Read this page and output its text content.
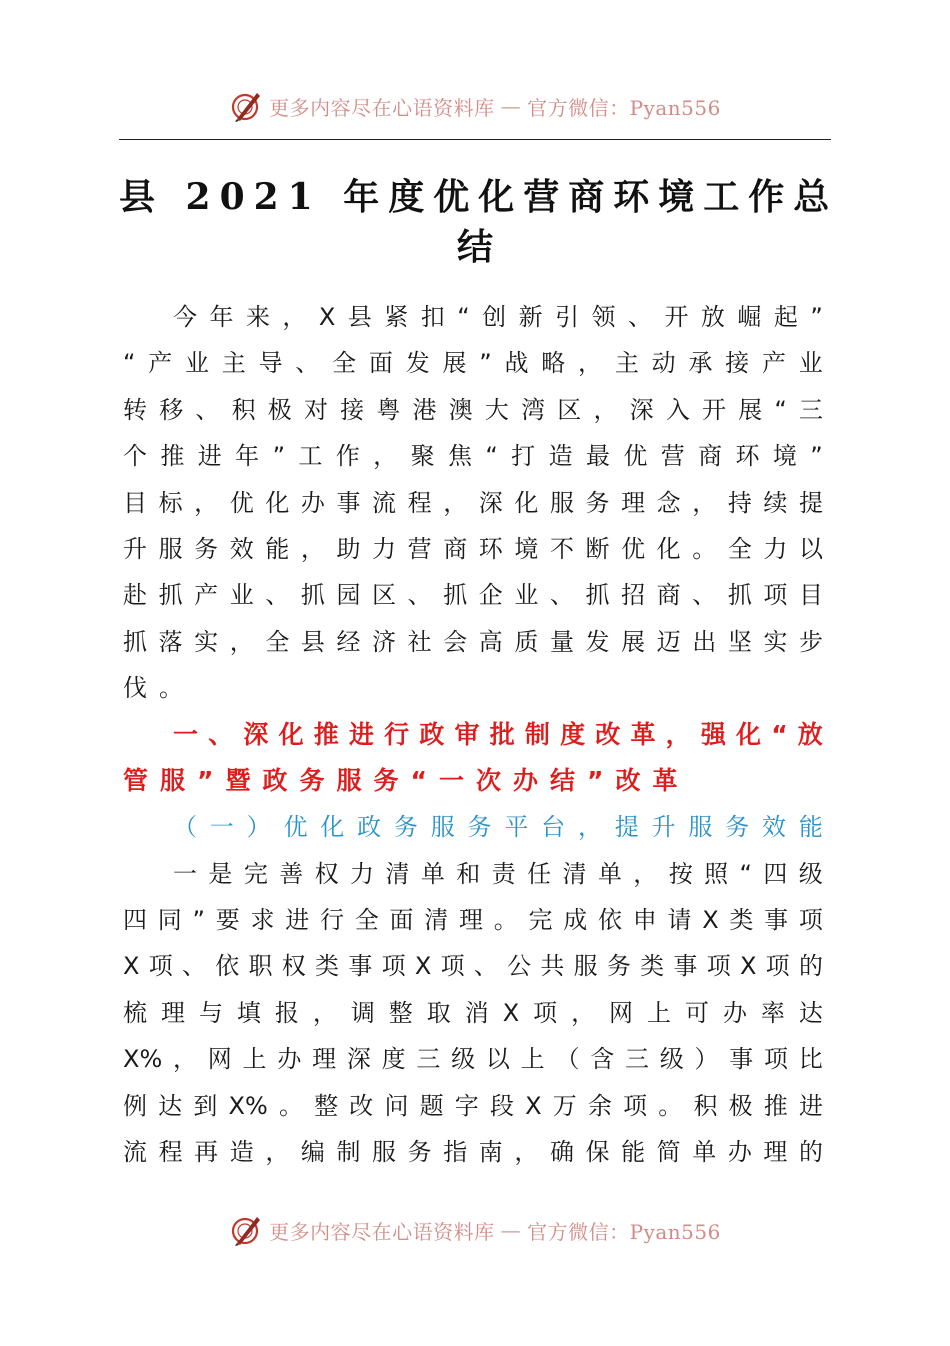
更多内容尽在心语资料库 — 官方微信：Pyan556
县 2021 年度优化营商环境工作总
结
今 年 来 ， X 县 紧 扣 “ 创 新 引 领 、 开 放 崛 起 ”
“ 产 业 主 导 、 全 面 发 展 ” 战 略 ， 主 动 承 接 产 业
转 移 、 积 极 对 接 粤 港 澳 大 湾 区 ， 深 入 开 展 “ 三
个 推 进 年 ” 工 作 ， 聚 焦 “ 打 造 最 优 营 商 环 境 ”
目 标 ， 优 化 办 事 流 程 ， 深 化 服 务 理 念 ， 持 续 提
升 服 务 效 能 ， 助 力 营 商 环 境 不 断 优 化 。 全 力 以
赴 抓 产 业 、 抓 园 区 、 抓 企 业 、 抓 招 商 、 抓 项 目
抓 落 实 ， 全 县 经 济 社 会 高 质 量 发 展 迈 出 坚 实 步
伐 。
一 、 深 化 推 进 行 政 审 批 制 度 改 革 ， 强 化 “ 放
管 服 ” 暨 政 务 服 务 “ 一 次 办 结 ” 改 革
（ 一 ） 优 化 政 务 服 务 平 台 ， 提 升 服 务 效 能
一 是 完 善 权 力 清 单 和 责 任 清 单 ， 按 照 “ 四 级
四 同 ” 要 求 进 行 全 面 清 理 。 完 成 依 申 请 X 类 事 项
X 项 、 依 职 权 类 事 项 X 项 、 公 共 服 务 类 事 项 X 项 的
梳 理 与 填 报 ， 调 整 取 消 X 项 ， 网 上 可 办 率 达
X% ， 网 上 办 理 深 度 三 级 以 上 （ 含 三 级 ） 事 项 比
例 达 到 X% 。 整 改 问 题 字 段 X 万 余 项 。 积 极 推 进
流 程 再 造 ， 编 制 服 务 指 南 ， 确 保 能 简 单 办 理 的
更多内容尽在心语资料库 — 官方微信：Pyan556
